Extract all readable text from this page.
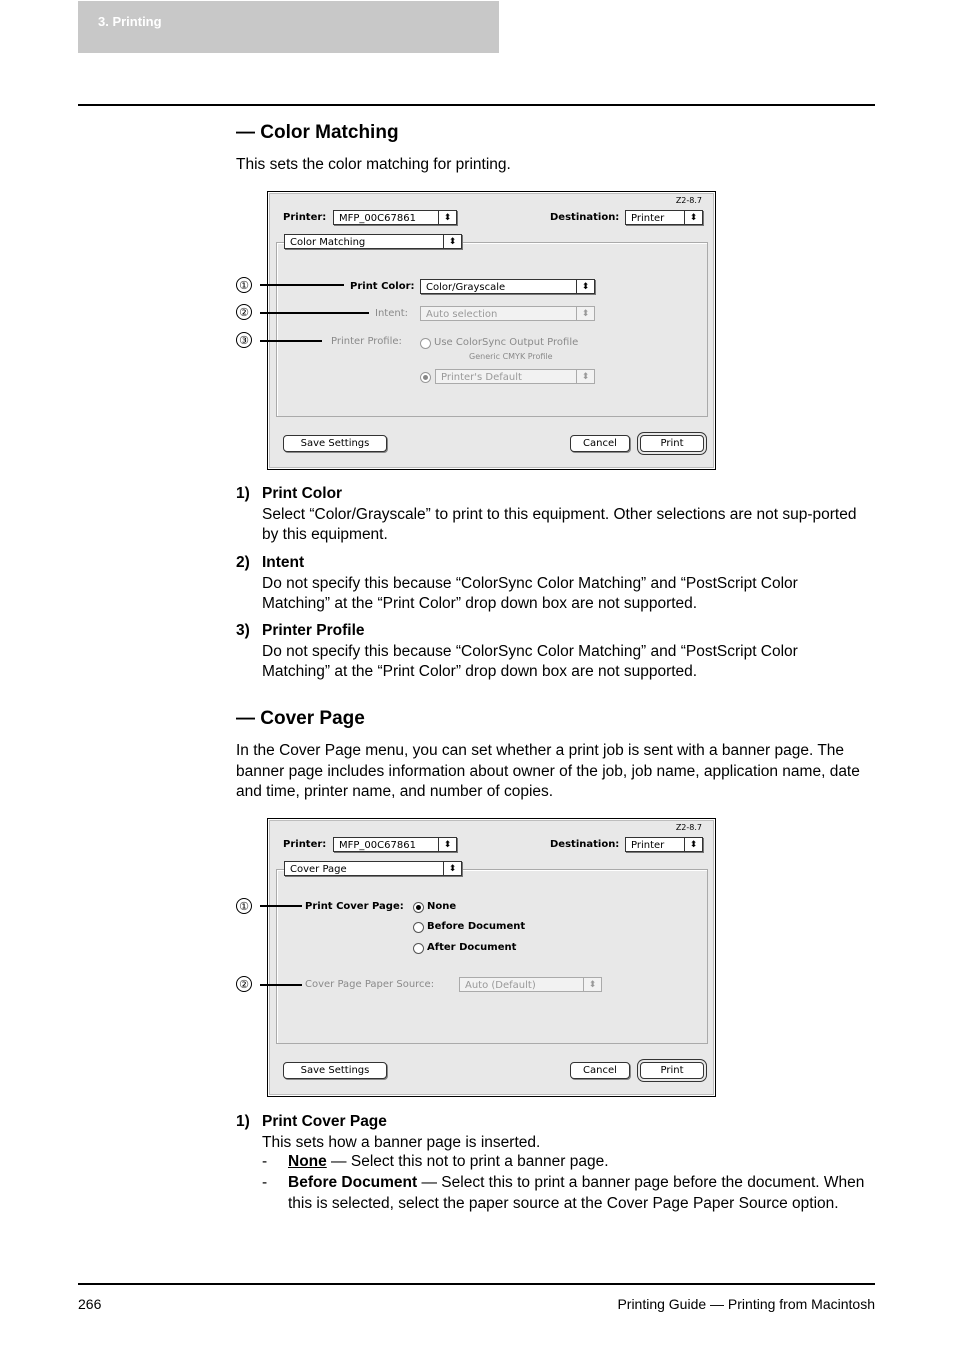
3. Printing
— Color Matching
This sets the color matching for printing.
Z2-8.7
Printer:	MFP_00C67861	⬍	Destination:	Printer	⬍
Color Matching	⬍
Print Color:	Color/Grayscale	⬍
Intent:	Auto selection	⬍
Printer Profile:	Use ColorSync Output Profile
Generic CMYK Profile
Printer's Default	⬍
Save Settings	Cancel	Print
①
②
③
1) Print Color
Select “Color/Grayscale” to print to this equipment. Other selections are not sup-ported by this equipment.
2) Intent
Do not specify this because “ColorSync Color Matching” and “PostScript Color Matching” at the “Print Color” drop down box are not supported.
3) Printer Profile
Do not specify this because “ColorSync Color Matching” and “PostScript Color Matching” at the “Print Color” drop down box are not supported.
— Cover Page
In the Cover Page menu, you can set whether a print job is sent with a banner page. The banner page includes information about owner of the job, job name, application name, date and time, printer name, and number of copies.
Z2-8.7
Printer:	MFP_00C67861	⬍	Destination:	Printer	⬍
Cover Page	⬍
Print Cover Page: None
Before Document
After Document
Cover Page Paper Source:	Auto (Default)	⬍
Save Settings	Cancel	Print
①
②
1) Print Cover Page
This sets how a banner page is inserted.
- None — Select this not to print a banner page.
- Before Document — Select this to print a banner page before the document. When this is selected, select the paper source at the Cover Page Paper Source option.
266	Printing Guide — Printing from Macintosh
